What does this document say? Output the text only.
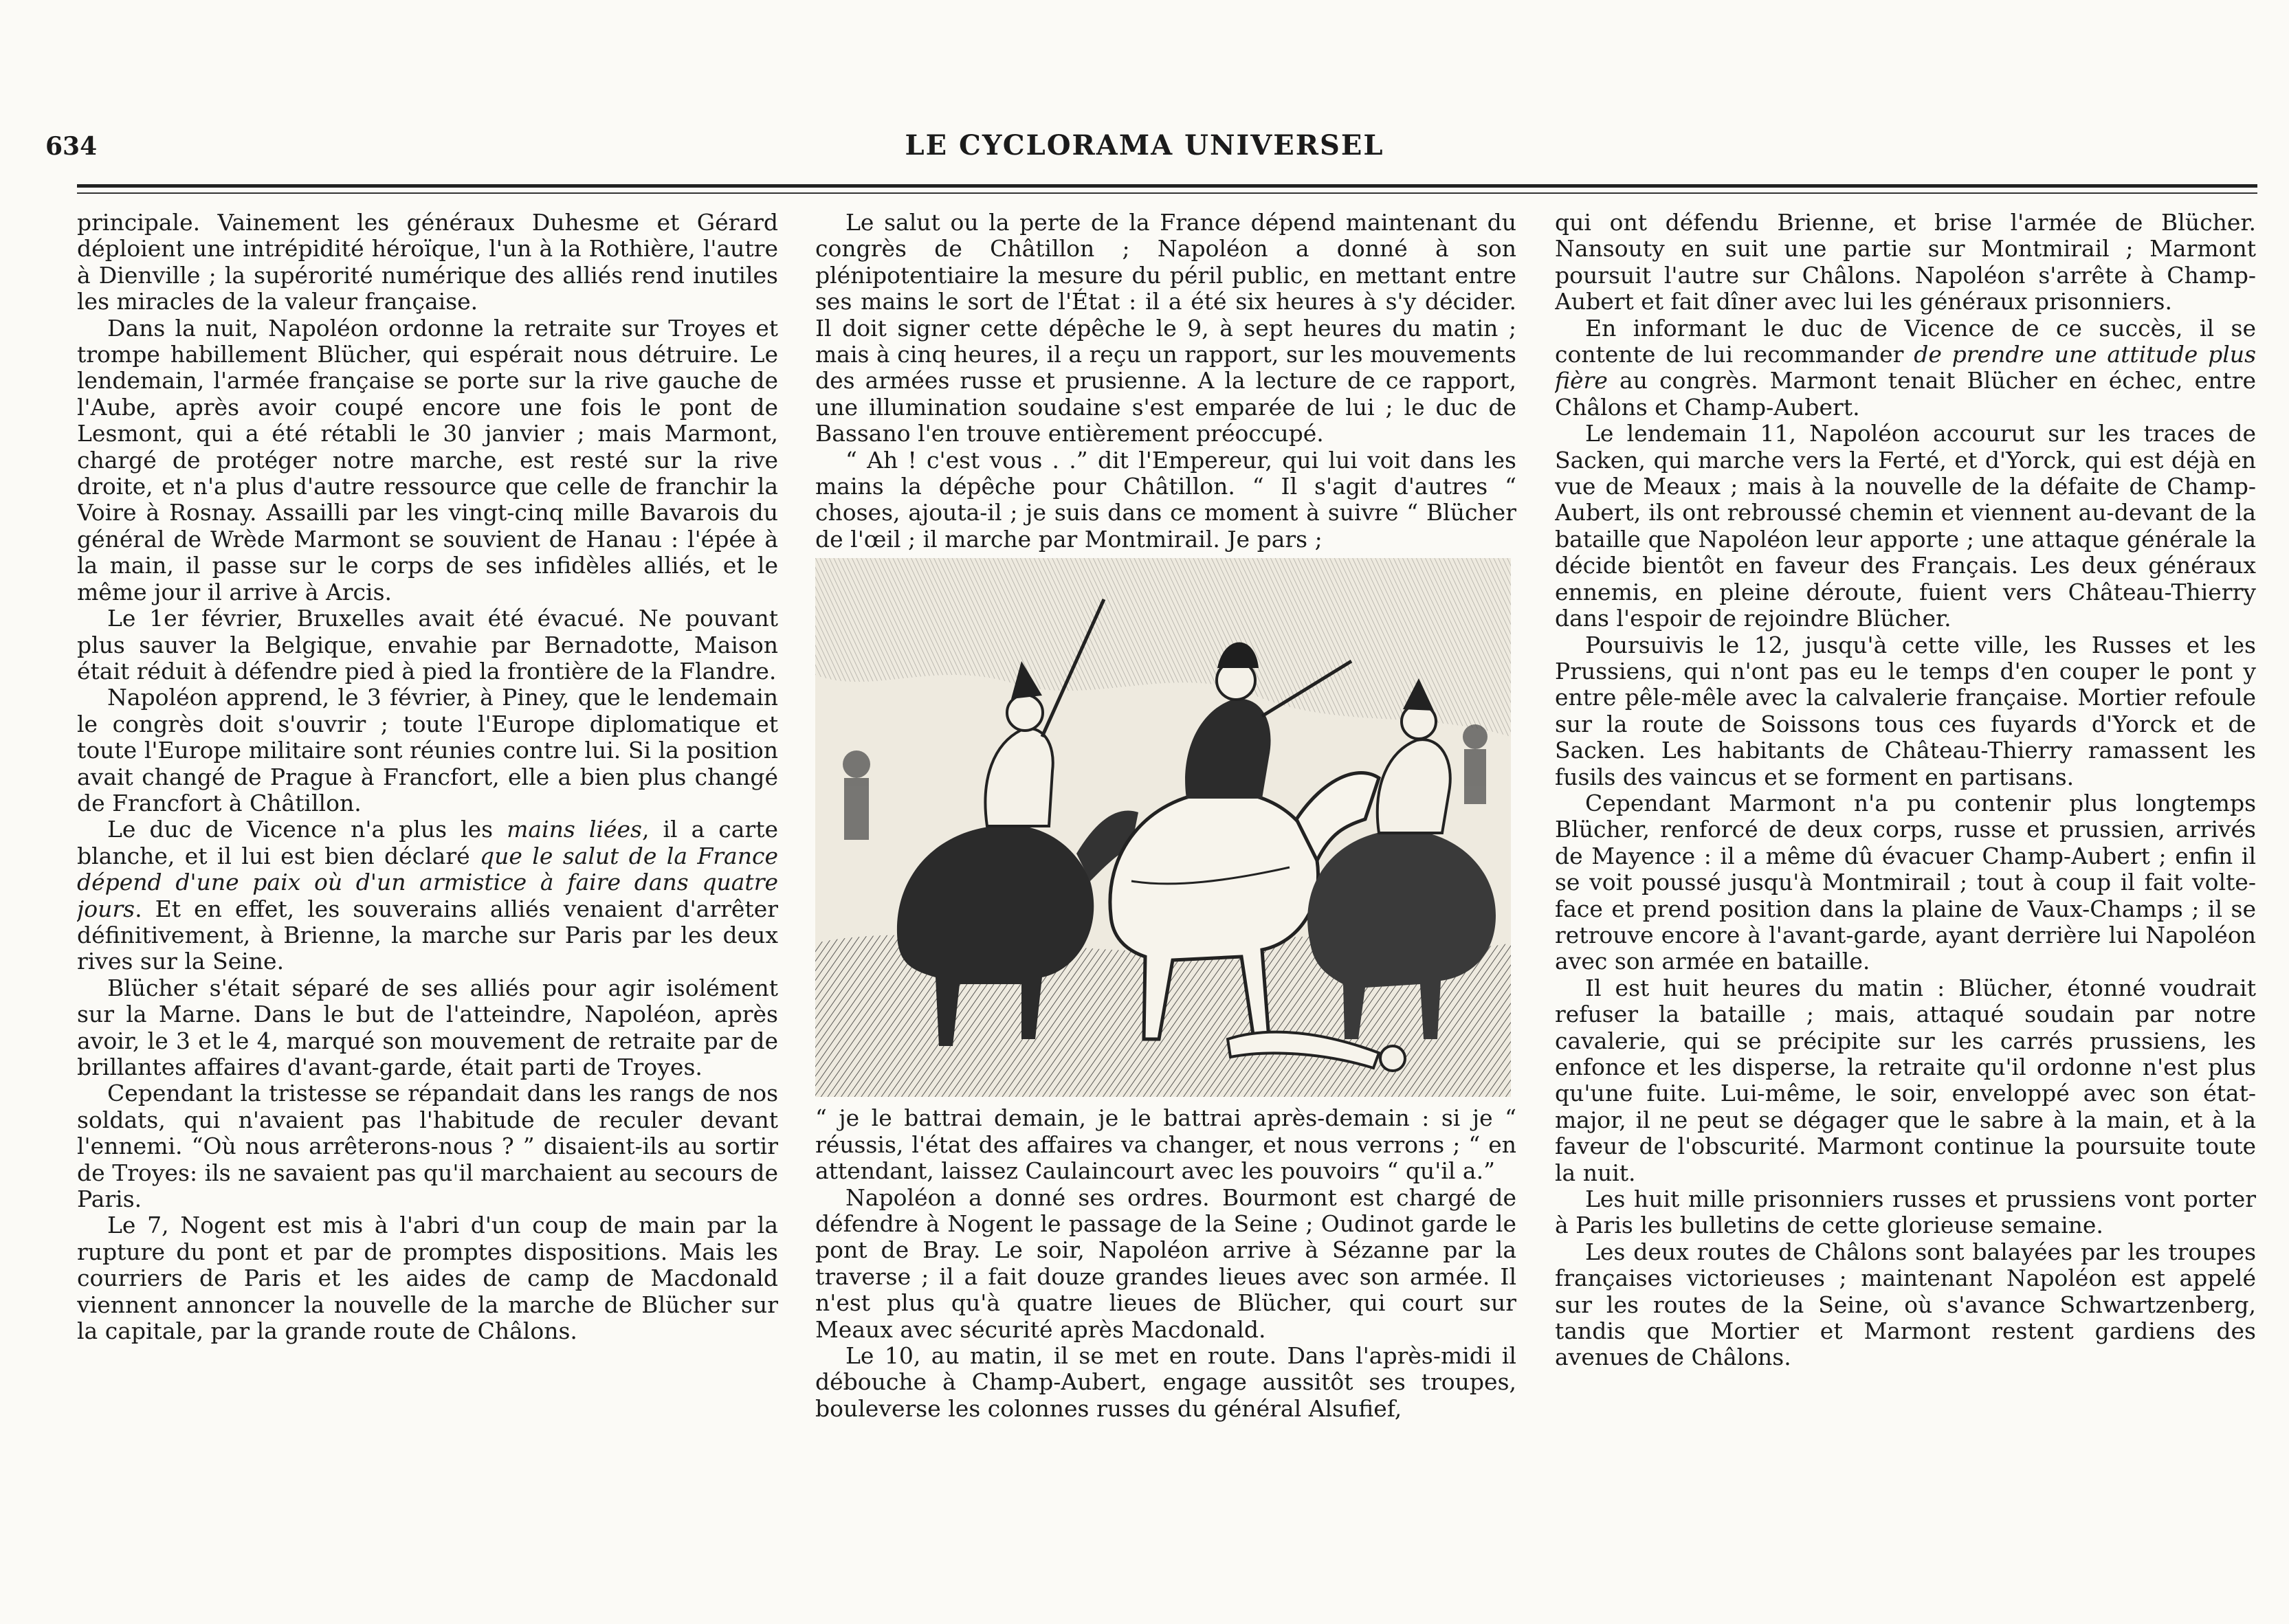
634	LE CYCLORAMA UNIVERSEL

principale. Vainement les généraux Duhesme et Gérard déploient une intrépidité héroïque, l'un à la Rothière, l'autre à Dienville ; la supérorité numérique des alliés rend inutiles les miracles de la valeur française.

Dans la nuit, Napoléon ordonne la retraite sur Troyes et trompe habillement Blücher, qui espérait nous détruire. Le lendemain, l'armée française se porte sur la rive gauche de l'Aube, après avoir coupé encore une fois le pont de Lesmont, qui a été rétabli le 30 janvier ; mais Marmont, chargé de protéger notre marche, est resté sur la rive droite, et n'a plus d'autre ressource que celle de franchir la Voire à Rosnay. Assailli par les vingt-cinq mille Bavarois du général de Wrède Marmont se souvient de Hanau : l'épée à la main, il passe sur le corps de ses infidèles alliés, et le même jour il arrive à Arcis.

Le 1er février, Bruxelles avait été évacué. Ne pouvant plus sauver la Belgique, envahie par Bernadotte, Maison était réduit à défendre pied à pied la frontière de la Flandre.

Napoléon apprend, le 3 février, à Piney, que le lendemain le congrès doit s'ouvrir ; toute l'Europe diplomatique et toute l'Europe militaire sont réunies contre lui. Si la position avait changé de Prague à Francfort, elle a bien plus changé de Francfort à Châtillon.

Le duc de Vicence n'a plus les mains liées, il a carte blanche, et il lui est bien déclaré que le salut de la France dépend d'une paix où d'un armistice à faire dans quatre jours. Et en effet, les souverains alliés venaient d'arrêter définitivement, à Brienne, la marche sur Paris par les deux rives sur la Seine.

Blücher s'était séparé de ses alliés pour agir isolément sur la Marne. Dans le but de l'atteindre, Napoléon, après avoir, le 3 et le 4, marqué son mouvement de retraite par de brillantes affaires d'avant-garde, était parti de Troyes.

Cependant la tristesse se répandait dans les rangs de nos soldats, qui n'avaient pas l'habitude de reculer devant l'ennemi. “Où nous arrêterons-nous ? ” disaient-ils au sortir de Troyes: ils ne savaient pas qu'il marchaient au secours de Paris.

Le 7, Nogent est mis à l'abri d'un coup de main par la rupture du pont et par de promptes dispositions. Mais les courriers de Paris et les aides de camp de Macdonald viennent annoncer la nouvelle de la marche de Blücher sur la capitale, par la grande route de Châlons.

Le salut ou la perte de la France dépend maintenant du congrès de Châtillon ; Napoléon a donné à son plénipotentiaire la mesure du péril public, en mettant entre ses mains le sort de l'État : il a été six heures à s'y décider. Il doit signer cette dépêche le 9, à sept heures du matin ; mais à cinq heures, il a reçu un rapport, sur les mouvements des armées russe et prusienne. A la lecture de ce rapport, une illumination soudaine s'est emparée de lui ; le duc de Bassano l'en trouve entièrement préoccupé.

“ Ah ! c'est vous . .” dit l'Empereur, qui lui voit dans les mains la dépêche pour Châtillon. “ Il s'agit d'autres “ choses, ajouta-il ; je suis dans ce moment à suivre “ Blücher de l'œil ; il marche par Montmirail. Je pars ;

“ je le battrai demain, je le battrai après-demain : si je “ réussis, l'état des affaires va changer, et nous verrons ; “ en attendant, laissez Caulaincourt avec les pouvoirs “ qu'il a.”

Napoléon a donné ses ordres. Bourmont est chargé de défendre à Nogent le passage de la Seine ; Oudinot garde le pont de Bray. Le soir, Napoléon arrive à Sézanne par la traverse ; il a fait douze grandes lieues avec son armée. Il n'est plus qu'à quatre lieues de Blücher, qui court sur Meaux avec sécurité après Macdonald.

Le 10, au matin, il se met en route. Dans l'après-midi il débouche à Champ-Aubert, engage aussitôt ses troupes, bouleverse les colonnes russes du général Alsufief,

qui ont défendu Brienne, et brise l'armée de Blücher. Nansouty en suit une partie sur Montmirail ; Marmont poursuit l'autre sur Châlons. Napoléon s'arrête à Champ-Aubert et fait dîner avec lui les généraux prisonniers.

En informant le duc de Vicence de ce succès, il se contente de lui recommander de prendre une attitude plus fière au congrès. Marmont tenait Blücher en échec, entre Châlons et Champ-Aubert.

Le lendemain 11, Napoléon accourut sur les traces de Sacken, qui marche vers la Ferté, et d'Yorck, qui est déjà en vue de Meaux ; mais à la nouvelle de la défaite de Champ-Aubert, ils ont rebroussé chemin et viennent au-devant de la bataille que Napoléon leur apporte ; une attaque générale la décide bientôt en faveur des Français. Les deux généraux ennemis, en pleine déroute, fuient vers Château-Thierry dans l'espoir de rejoindre Blücher.

Poursuivis le 12, jusqu'à cette ville, les Russes et les Prussiens, qui n'ont pas eu le temps d'en couper le pont y entre pêle-mêle avec la calvalerie française. Mortier refoule sur la route de Soissons tous ces fuyards d'Yorck et de Sacken. Les habitants de Château-Thierry ramassent les fusils des vaincus et se forment en partisans.

Cependant Marmont n'a pu contenir plus longtemps Blücher, renforcé de deux corps, russe et prussien, arrivés de Mayence : il a même dû évacuer Champ-Aubert ; enfin il se voit poussé jusqu'à Montmirail ; tout à coup il fait volte-face et prend position dans la plaine de Vaux-Champs ; il se retrouve encore à l'avant-garde, ayant derrière lui Napoléon avec son armée en bataille.

Il est huit heures du matin : Blücher, étonné voudrait refuser la bataille ; mais, attaqué soudain par notre cavalerie, qui se précipite sur les carrés prussiens, les enfonce et les disperse, la retraite qu'il ordonne n'est plus qu'une fuite. Lui-même, le soir, enveloppé avec son état-major, il ne peut se dégager que le sabre à la main, et à la faveur de l'obscurité. Marmont continue la poursuite toute la nuit.

Les huit mille prisonniers russes et prussiens vont porter à Paris les bulletins de cette glorieuse semaine.

Les deux routes de Châlons sont balayées par les troupes françaises victorieuses ; maintenant Napoléon est appelé sur les routes de la Seine, où s'avance Schwartzenberg, tandis que Mortier et Marmont restent gardiens des avenues de Châlons.
